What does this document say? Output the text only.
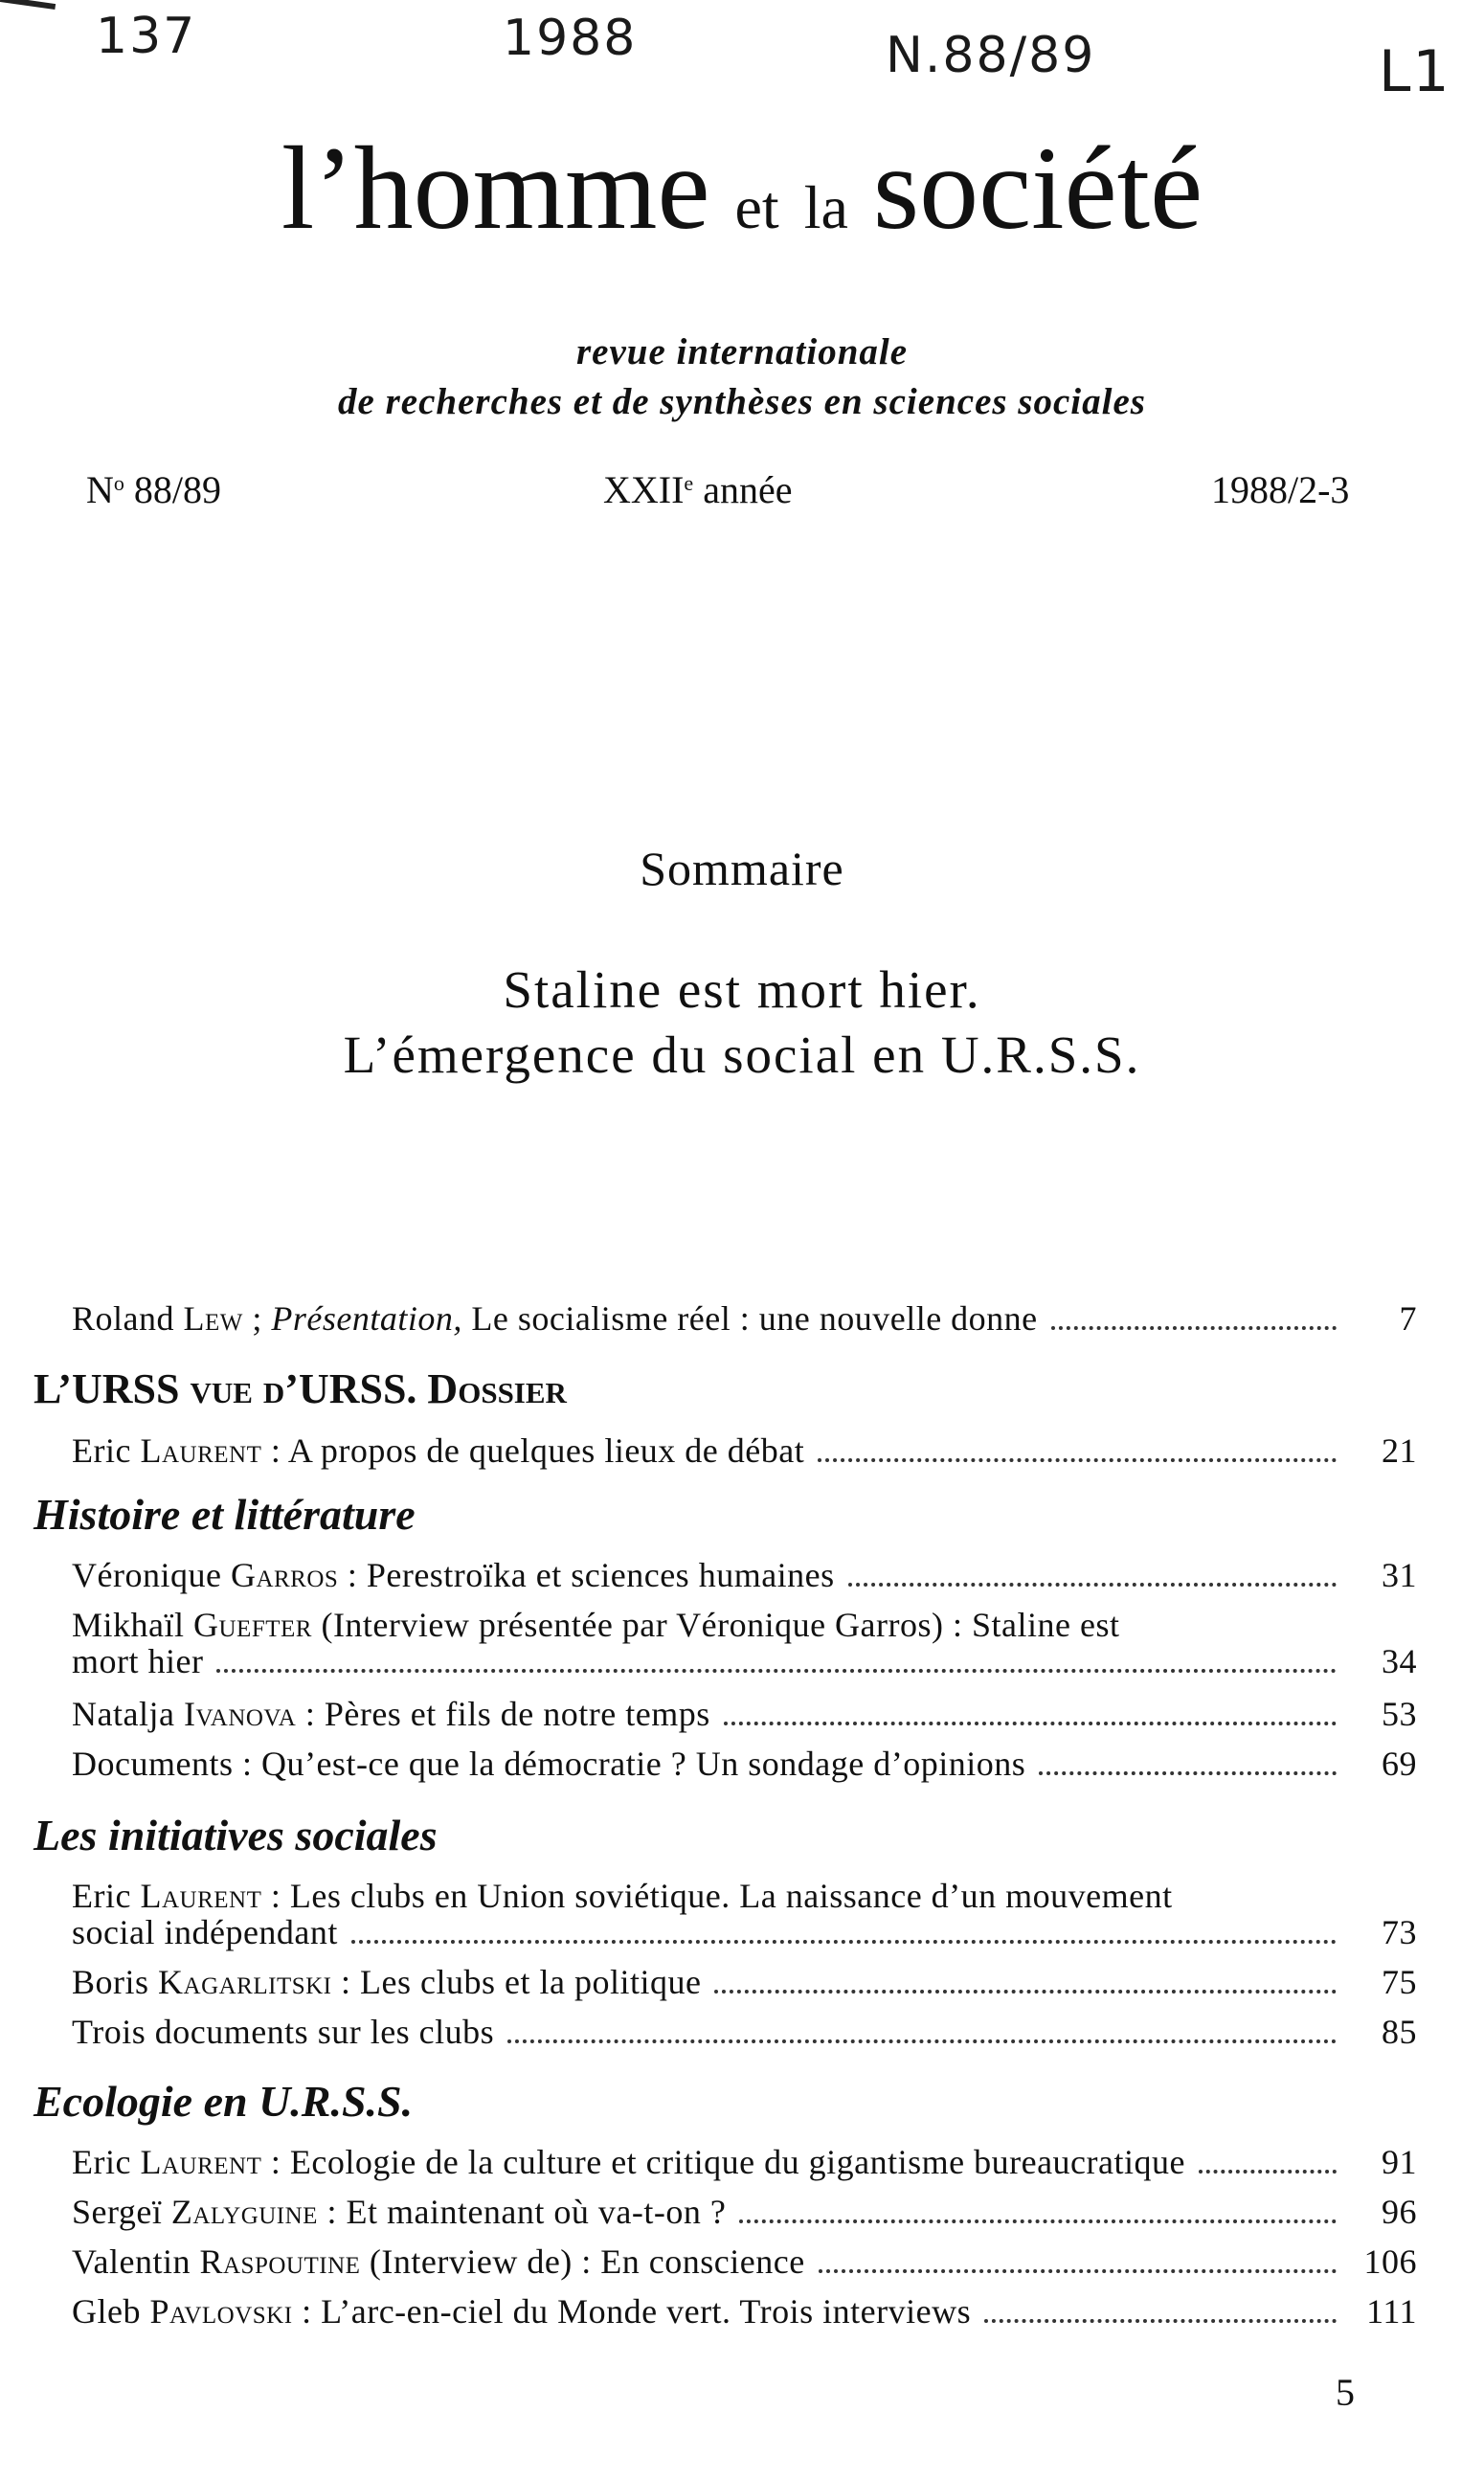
137	1988	N.88/89	L1
l’homme et la société
revue internationale
de recherches et de synthèses en sciences sociales
$N^o$ 88/89	XXIIe année	1988/2-3
Sommaire
Staline est mort hier.
L’émergence du social en U.R.S.S.
Roland Lew ; Présentation, Le socialisme réel : une nouvelle donne	7
L’URSS vue d’URSS. Dossier
Eric Laurent : A propos de quelques lieux de débat	21
Histoire et littérature
Véronique Garros : Perestroïka et sciences humaines	31
Mikhaïl Guefter (Interview présentée par Véronique Garros) : Staline est
mort hier	34
Natalja Ivanova : Pères et fils de notre temps	53
Documents : Qu’est-ce que la démocratie ? Un sondage d’opinions	69
Les initiatives sociales
Eric Laurent : Les clubs en Union soviétique. La naissance d’un mouvement
social indépendant	73
Boris Kagarlitski : Les clubs et la politique	75
Trois documents sur les clubs	85
Ecologie en U.R.S.S.
Eric Laurent : Ecologie de la culture et critique du gigantisme bureaucratique	91
Sergeï Zalyguine : Et maintenant où va-t-on ?	96
Valentin Raspoutine (Interview de) : En conscience	106
Gleb Pavlovski : L’arc-en-ciel du Monde vert. Trois interviews	111
5
